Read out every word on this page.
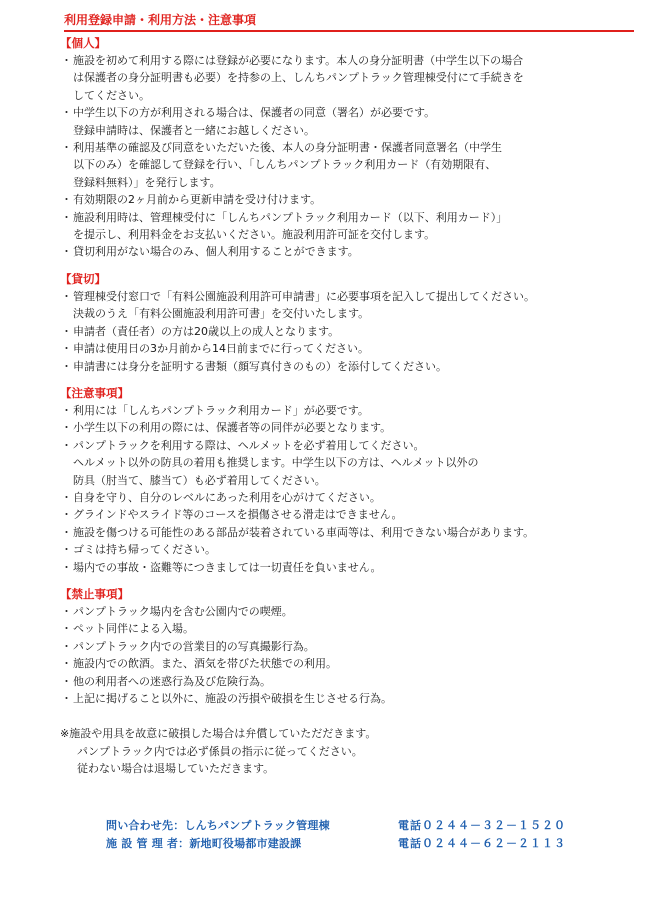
利用登録申請・利用方法・注意事項
【個人】
・ 施設を初めて利用する際には登録が必要になります。本人の身分証明書（中学生以下の場合
は保護者の身分証明書も必要）を持参の上、しんちパンプトラック管理棟受付にて手続きを
してください。
・ 中学生以下の方が利用される場合は、保護者の同意（署名）が必要です。
登録申請時は、保護者と一緒にお越しください。
・ 利用基準の確認及び同意をいただいた後、本人の身分証明書・保護者同意署名（中学生
以下のみ）を確認して登録を行い、「しんちパンプトラック利用カード（有効期限有、
登録料無料）」を発行します。
・ 有効期限の2ヶ月前から更新申請を受け付けます。
・ 施設利用時は、管理棟受付に「しんちパンプトラック利用カード（以下、利用カード）」
を提示し、利用料金をお支払いください。施設利用許可証を交付します。
・ 貸切利用がない場合のみ、個人利用することができます。
【貸切】
・ 管理棟受付窓口で「有料公園施設利用許可申請書」に必要事項を記入して提出してください。
決裁のうえ「有料公園施設利用許可書」を交付いたします。
・ 申請者（責任者）の方は20歳以上の成人となります。
・ 申請は使用日の3か月前から14日前までに行ってください。
・ 申請書には身分を証明する書類（顔写真付きのもの）を添付してください。
【注意事項】
・ 利用には「しんちパンプトラック利用カード」が必要です。
・ 小学生以下の利用の際には、保護者等の同伴が必要となります。
・ パンプトラックを利用する際は、ヘルメットを必ず着用してください。
ヘルメット以外の防具の着用も推奨します。中学生以下の方は、ヘルメット以外の
防具（肘当て、膝当て）も必ず着用してください。
・ 自身を守り、自分のレベルにあった利用を心がけてください。
・ グラインドやスライド等のコースを損傷させる滑走はできません。
・ 施設を傷つける可能性のある部品が装着されている車両等は、利用できない場合があります。
・ ゴミは持ち帰ってください。
・ 場内での事故・盗難等につきましては一切責任を負いません。
【禁止事項】
・ パンプトラック場内を含む公園内での喫煙。
・ ペット同伴による入場。
・ パンプトラック内での営業目的の写真撮影行為。
・ 施設内での飲酒。また、酒気を帯びた状態での利用。
・ 他の利用者への迷惑行為及び危険行為。
・ 上記に掲げること以外に、施設の汚損や破損を生じさせる行為。
※施設や用具を故意に破損した場合は弁償していただだきます。
パンプトラック内では必ず係員の指示に従ってください。
従わない場合は退場していただきます。
問い合わせ先：しんちパンプトラック管理棟	電話０２４４－３２－１５２０
施 設 管 理 者：新地町役場都市建設課	電話０２４４－６２－２１１３
